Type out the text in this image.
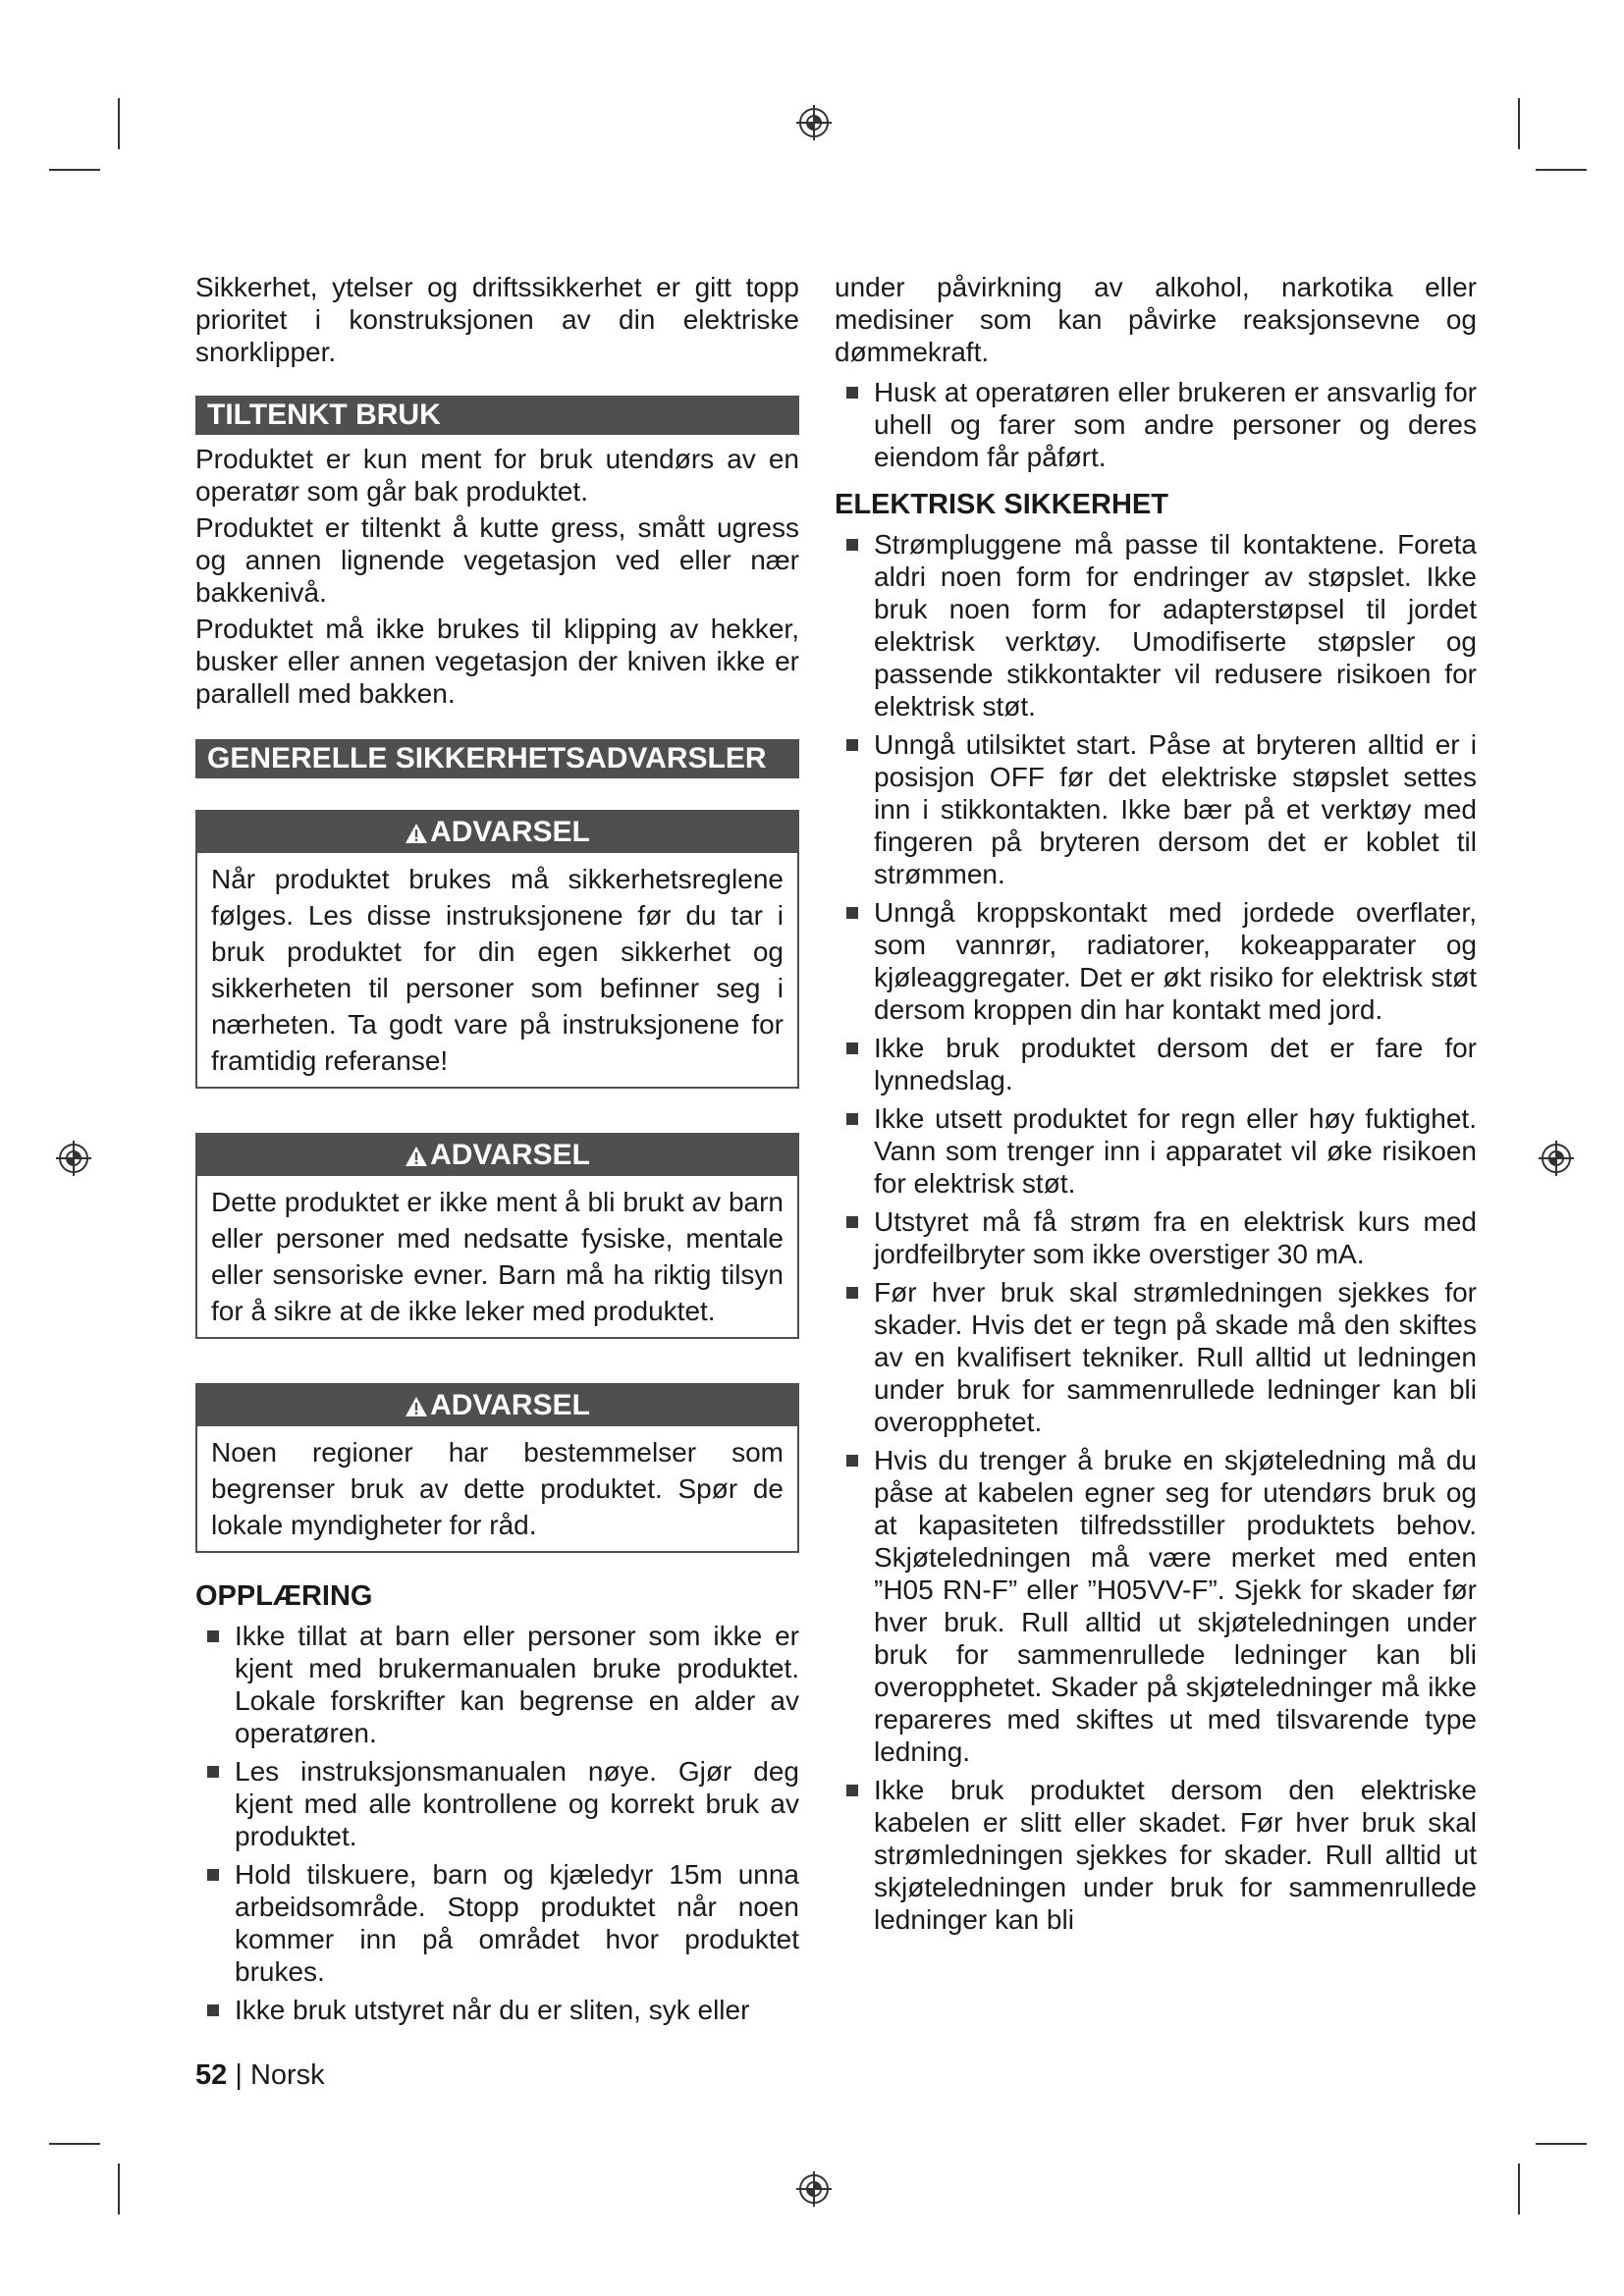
Sikkerhet, ytelser og driftssikkerhet er gitt topp prioritet i konstruksjonen av din elektriske snorklipper.

TILTENKT BRUK

Produktet er kun ment for bruk utendørs av en operatør som går bak produktet.

Produktet er tiltenkt å kutte gress, smått ugress og annen lignende vegetasjon ved eller nær bakkenivå.

Produktet må ikke brukes til klipping av hekker, busker eller annen vegetasjon der kniven ikke er parallell med bakken.

GENERELLE SIKKERHETSADVARSLER
ADVARSEL

Når produktet brukes må sikkerhetsreglene følges. Les disse instruksjonene før du tar i bruk produktet for din egen sikkerhet og sikkerheten til personer som befinner seg i nærheten. Ta godt vare på instruksjonene for framtidig referanse!

ADVARSEL

Dette produktet er ikke ment å bli brukt av barn eller personer med nedsatte fysiske, mentale eller sensoriske evner. Barn må ha riktig tilsyn for å sikre at de ikke leker med produktet.

ADVARSEL

Noen regioner har bestemmelser som begrenser bruk av dette produktet. Spør de lokale myndigheter for råd.

OPPLÆRING

Ikke tillat at barn eller personer som ikke er kjent med brukermanualen bruke produktet. Lokale forskrifter kan begrense en alder av operatøren.

Les instruksjonsmanualen nøye. Gjør deg kjent med alle kontrollene og korrekt bruk av produktet.

Hold tilskuere, barn og kjæledyr 15m unna arbeidsområde. Stopp produktet når noen kommer inn på området hvor produktet brukes.

Ikke bruk utstyret når du er sliten, syk eller

under påvirkning av alkohol, narkotika eller medisiner som kan påvirke reaksjonsevne og dømmekraft.

Husk at operatøren eller brukeren er ansvarlig for uhell og farer som andre personer og deres eiendom får påført.

ELEKTRISK SIKKERHET

Strømpluggene må passe til kontaktene. Foreta aldri noen form for endringer av støpslet. Ikke bruk noen form for adapterstøpsel til jordet elektrisk verktøy. Umodifiserte støpsler og passende stikkontakter vil redusere risikoen for elektrisk støt.

Unngå utilsiktet start. Påse at bryteren alltid er i posisjon OFF før det elektriske støpslet settes inn i stikkontakten. Ikke bær på et verktøy med fingeren på bryteren dersom det er koblet til strømmen.

Unngå kroppskontakt med jordede overflater, som vannrør, radiatorer, kokeapparater og kjøleaggregater. Det er økt risiko for elektrisk støt dersom kroppen din har kontakt med jord.

Ikke bruk produktet dersom det er fare for lynnedslag.

Ikke utsett produktet for regn eller høy fuktighet. Vann som trenger inn i apparatet vil øke risikoen for elektrisk støt.

Utstyret må få strøm fra en elektrisk kurs med jordfeilbryter som ikke overstiger 30 mA.

Før hver bruk skal strømledningen sjekkes for skader. Hvis det er tegn på skade må den skiftes av en kvalifisert tekniker. Rull alltid ut ledningen under bruk for sammenrullede ledninger kan bli overopphetet.

Hvis du trenger å bruke en skjøteledning må du påse at kabelen egner seg for utendørs bruk og at kapasiteten tilfredsstiller produktets behov. Skjøteledningen må være merket med enten ”H05 RN-F” eller ”H05VV-F”. Sjekk for skader før hver bruk. Rull alltid ut skjøteledningen under bruk for sammenrullede ledninger kan bli overopphetet. Skader på skjøteledninger må ikke repareres med skiftes ut med tilsvarende type ledning.

Ikke bruk produktet dersom den elektriske kabelen er slitt eller skadet. Før hver bruk skal strømledningen sjekkes for skader. Rull alltid ut skjøteledningen under bruk for sammenrullede ledninger kan bli

52 | Norsk
